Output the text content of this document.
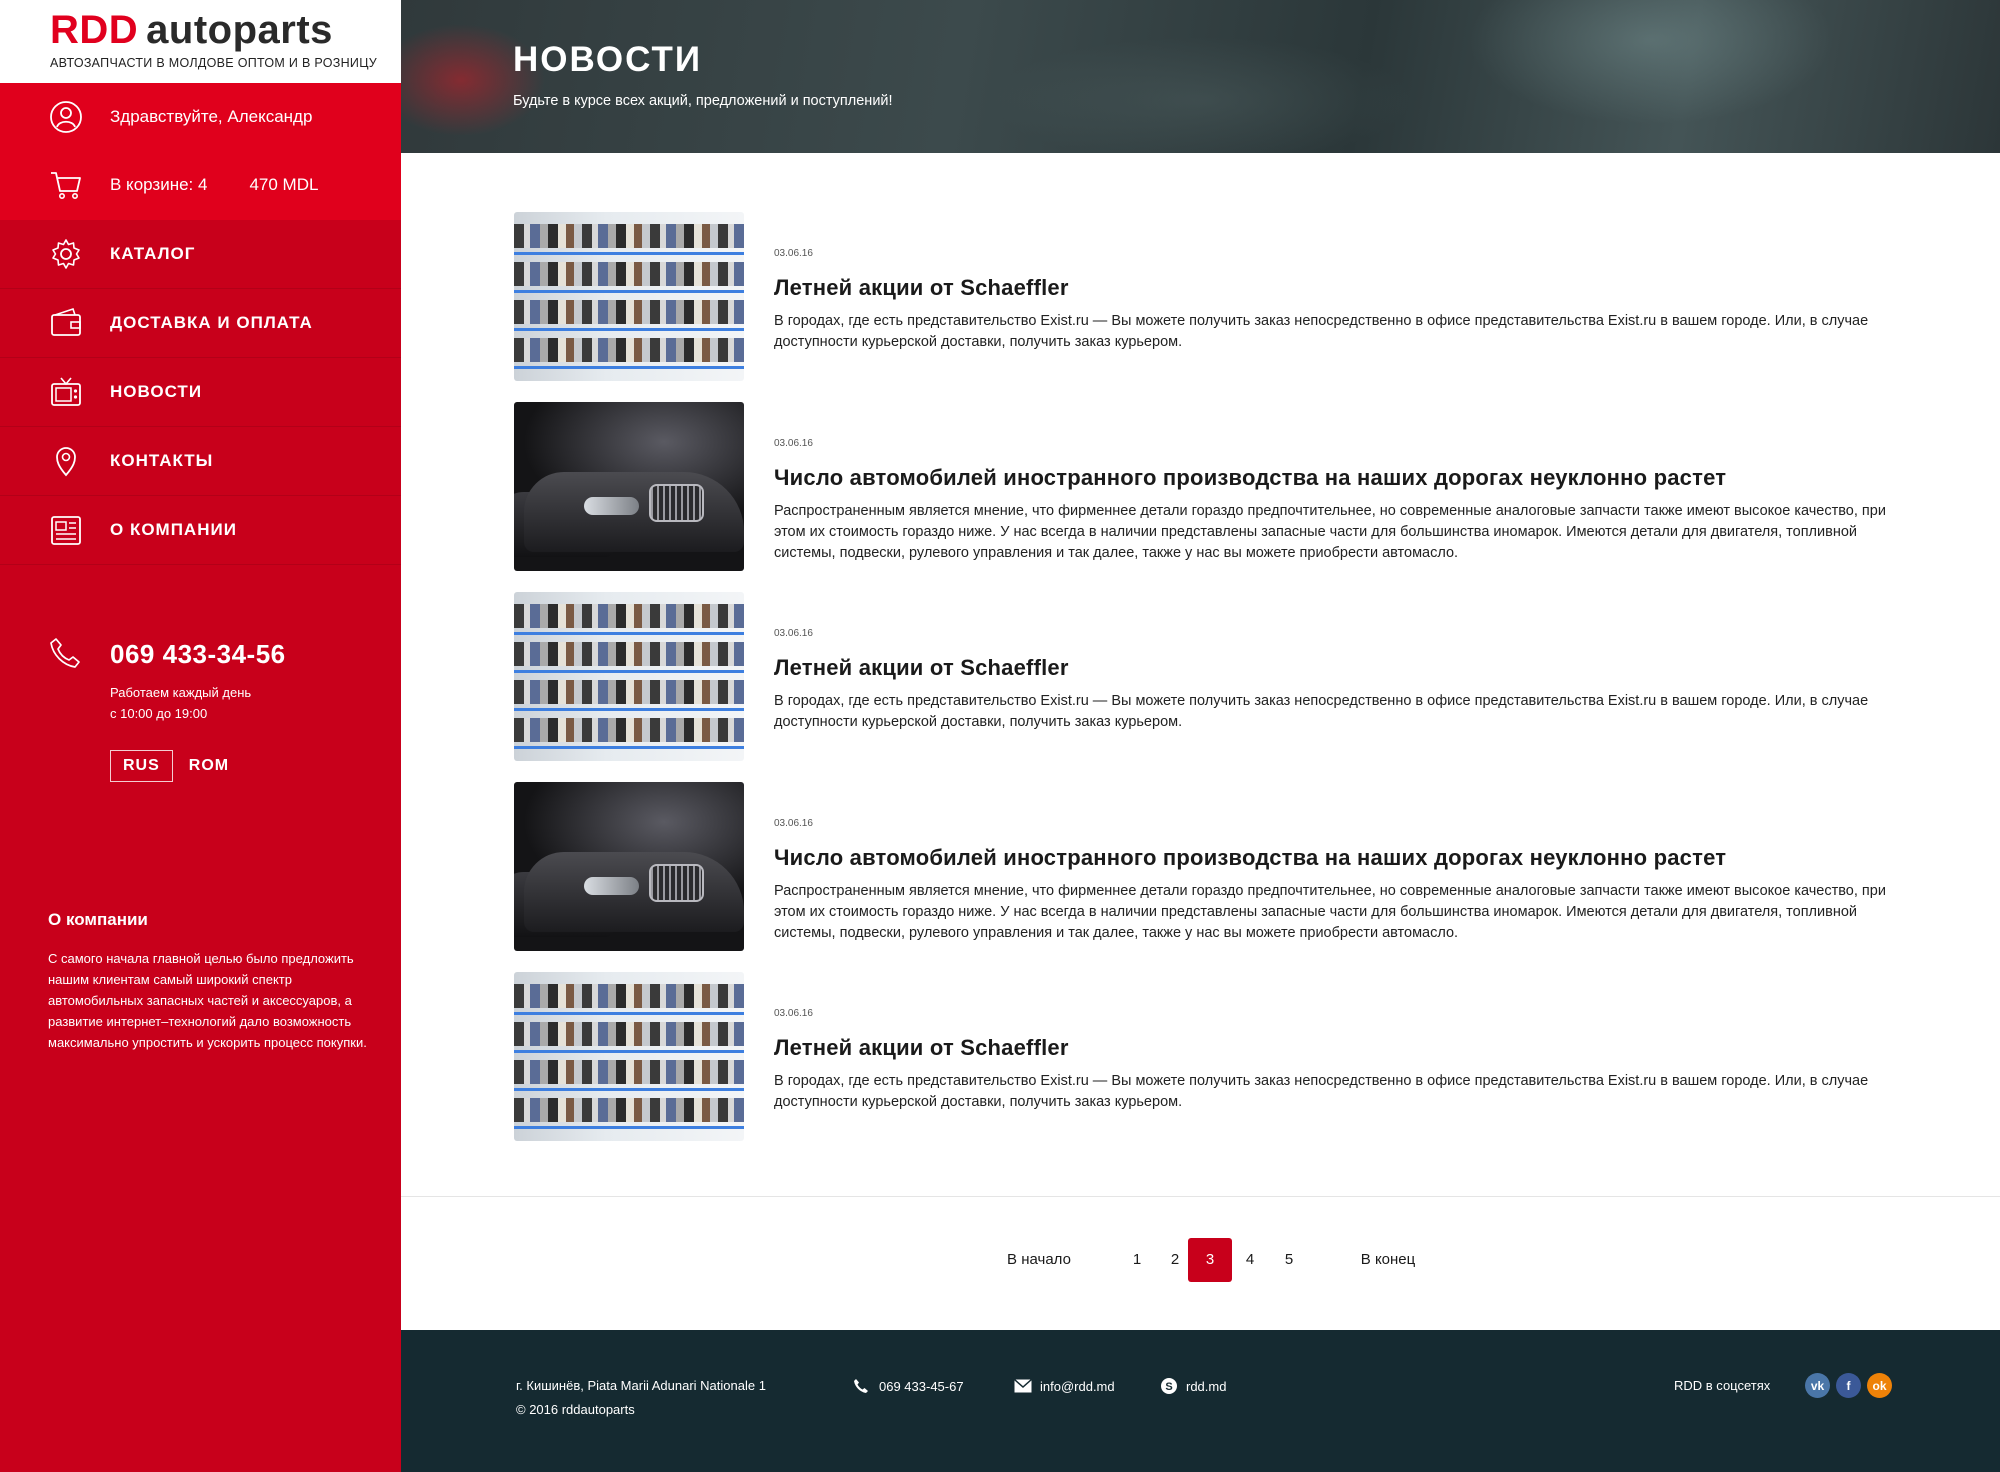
RDD autoparts
АВТОЗАПЧАСТИ В МОЛДОВЕ ОПТОМ И В РОЗНИЦУ
Здравствуйте, Александр
В корзине: 4 470 MDL
КАТАЛОГ
ДОСТАВКА И ОПЛАТА
НОВОСТИ
КОНТАКТЫ
О КОМПАНИИ
069 433-34-56
Работаем каждый день
с 10:00 до 19:00
RUS	ROM
О компании
С самого начала главной целью было предложить нашим клиентам самый широкий спектр автомобильных запасных частей и аксессуаров, а развитие интернет–технологий дало возможность максимально упростить и ускорить процесс покупки.
НОВОСТИ
Будьте в курсе всех акций, предложений и поступлений!
03.06.16
Летней акции от Schaeffler
В городах, где есть представительство Exist.ru — Вы можете получить заказ непосредственно в офисе представительства Exist.ru в вашем городе. Или, в случае доступности курьерской доставки, получить заказ курьером.
03.06.16
Число автомобилей иностранного производства на наших дорогах неуклонно растет
Распространенным является мнение, что фирменнее детали гораздо предпочтительнее, но современные аналоговые запчасти также имеют высокое качество, при этом их стоимость гораздо ниже. У нас всегда в наличии представлены запасные части для большинства иномарок. Имеются детали для двигателя, топливной системы, подвески, рулевого управления и так далее, также у нас вы можете приобрести автомасло.
03.06.16
Летней акции от Schaeffler
В городах, где есть представительство Exist.ru — Вы можете получить заказ непосредственно в офисе представительства Exist.ru в вашем городе. Или, в случае доступности курьерской доставки, получить заказ курьером.
03.06.16
Число автомобилей иностранного производства на наших дорогах неуклонно растет
Распространенным является мнение, что фирменнее детали гораздо предпочтительнее, но современные аналоговые запчасти также имеют высокое качество, при этом их стоимость гораздо ниже. У нас всегда в наличии представлены запасные части для большинства иномарок. Имеются детали для двигателя, топливной системы, подвески, рулевого управления и так далее, также у нас вы можете приобрести автомасло.
03.06.16
Летней акции от Schaeffler
В городах, где есть представительство Exist.ru — Вы можете получить заказ непосредственно в офисе представительства Exist.ru в вашем городе. Или, в случае доступности курьерской доставки, получить заказ курьером.
В начало	1	2	3	4	5	В конец
г. Кишинёв, Piata Marii Adunari Nationale 1
© 2016 rddautoparts
069 433-45-67	info@rdd.md	S rdd.md	RDD в соцсетях	vk	f	ok
